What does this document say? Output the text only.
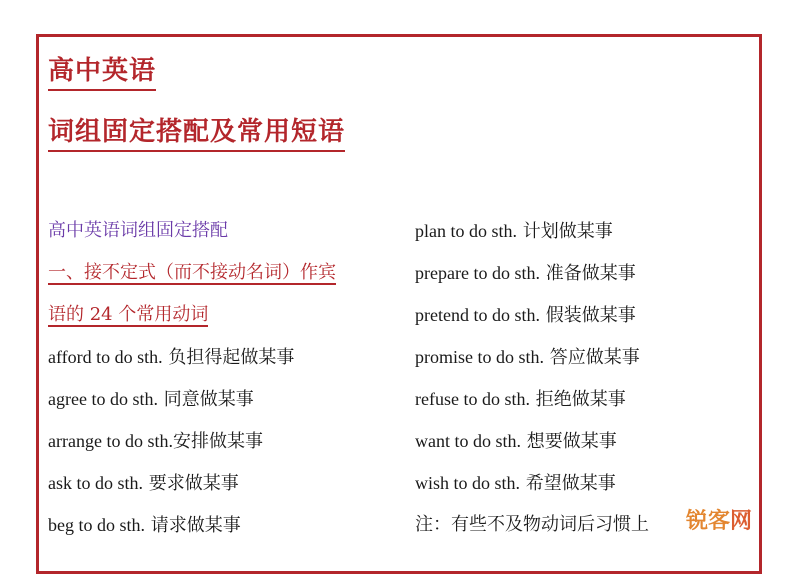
高中英语
词组固定搭配及常用短语
高中英语词组固定搭配
一、接不定式（而不接动名词）作宾
语的 24 个常用动词
afford to do sth. 负担得起做某事
agree to do sth. 同意做某事
arrange to do sth.安排做某事
ask to do sth. 要求做某事
beg to do sth. 请求做某事
plan to do sth. 计划做某事
prepare to do sth. 准备做某事
pretend to do sth. 假装做某事
promise to do sth. 答应做某事
refuse to do sth. 拒绝做某事
want to do sth. 想要做某事
wish to do sth. 希望做某事
注：有些不及物动词后习惯上 锐客网
